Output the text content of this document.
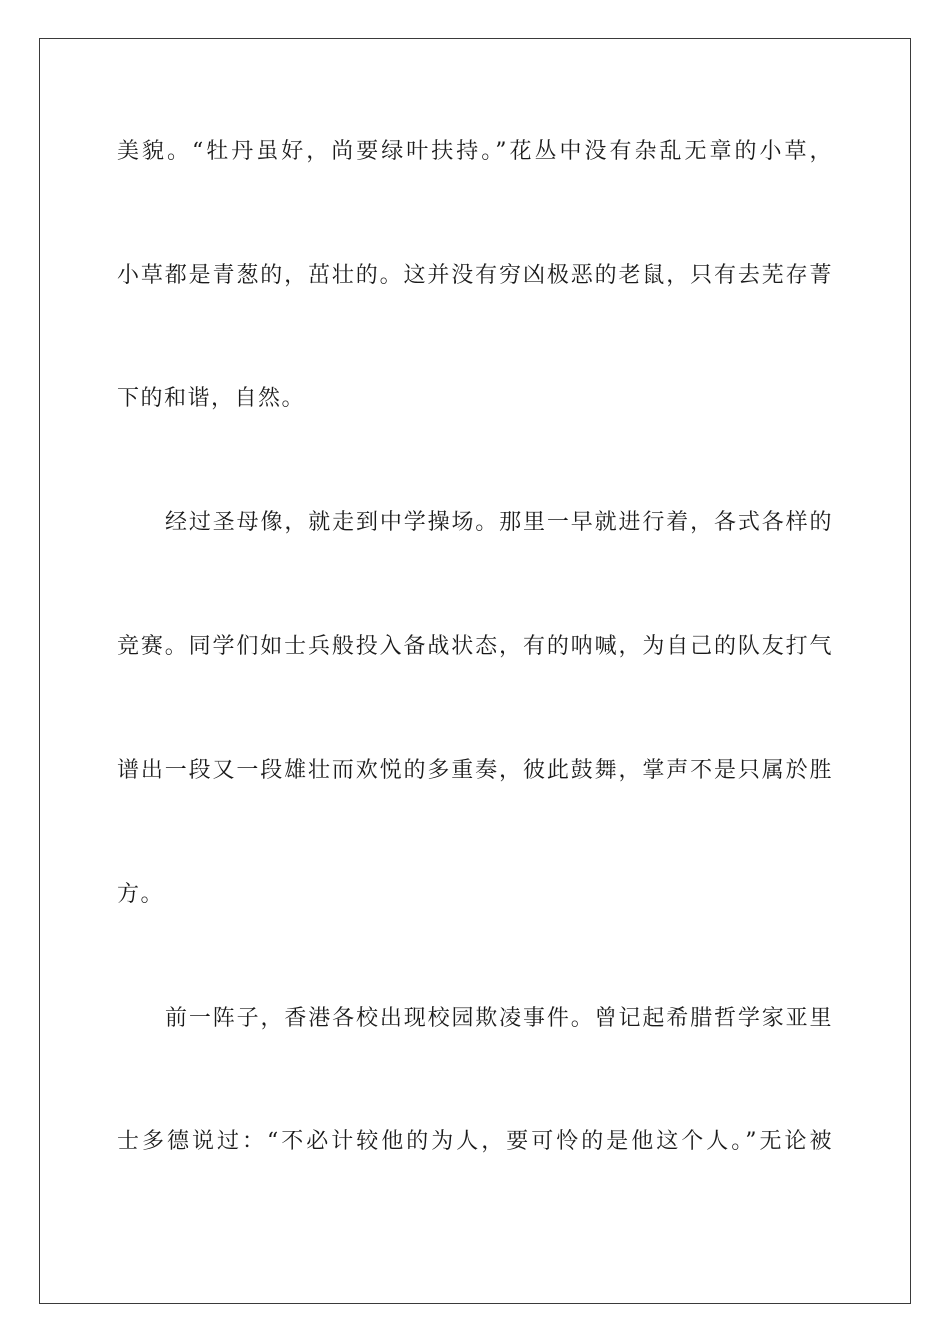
美貌。“牡丹虽好，尚要绿叶扶持。”花丛中没有杂乱无章的小草，
小草都是青葱的，茁壮的。这并没有穷凶极恶的老鼠，只有去芜存菁
下的和谐，自然。
经过圣母像，就走到中学操场。那里一早就进行着，各式各样的
竞赛。同学们如士兵般投入备战状态，有的呐喊，为自己的队友打气
谱出一段又一段雄壮而欢悦的多重奏，彼此鼓舞，掌声不是只属於胜
方。
前一阵子，香港各校出现校园欺凌事件。曾记起希腊哲学家亚里
士多德说过：“不必计较他的为人，要可怜的是他这个人。”无论被
